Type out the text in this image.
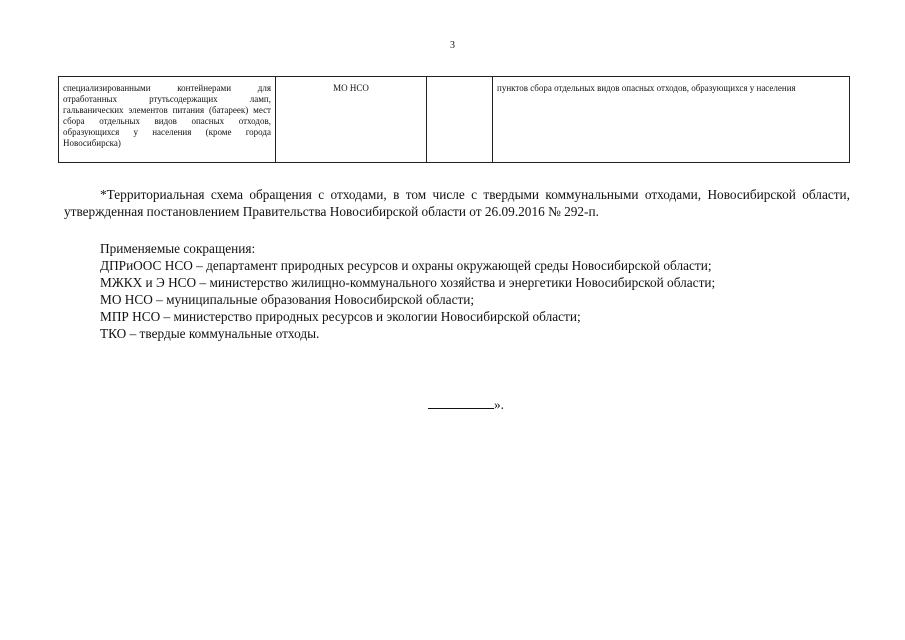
3
специализированными контейнерами для отработанных ртутьсодержащих ламп, гальванических элементов питания (батареек) мест сбора отдельных видов опасных отходов, образующихся у населения (кроме города Новосибирска)	МО НСО		пунктов сбора отдельных видов опасных отходов, образующихся у населения
*Территориальная схема обращения с отходами, в том числе с твердыми коммунальными отходами, Новосибирской области, утвержденная постановлением Правительства Новосибирской области от 26.09.2016 № 292-п.
Применяемые сокращения:
ДПРиООС НСО – департамент природных ресурсов и охраны окружающей среды Новосибирской области;
МЖКХ и Э НСО – министерство жилищно-коммунального хозяйства и энергетики Новосибирской области;
МО НСО – муниципальные образования Новосибирской области;
МПР НСО – министерство природных ресурсов и экологии Новосибирской области;
ТКО – твердые коммунальные отходы.
».
